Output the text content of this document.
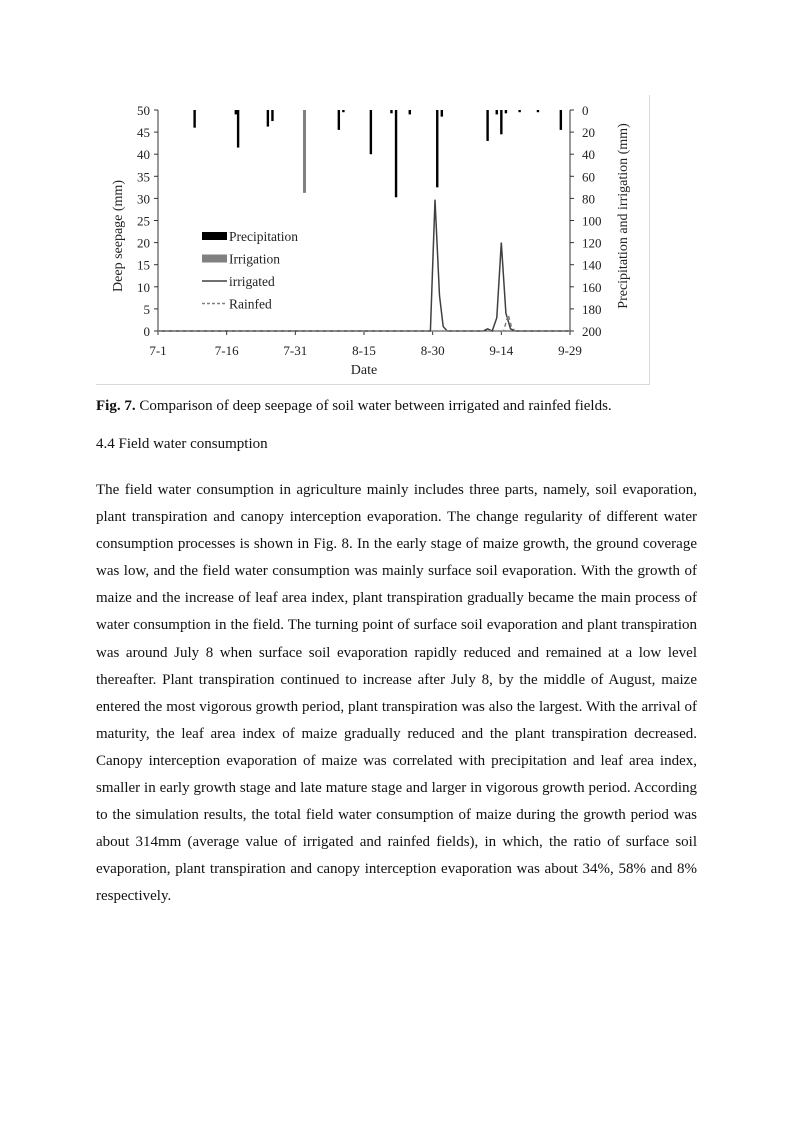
0
5
10
15
20
25
30
35
40
45
50	0
20
40
60
80
100
120
140
160
180
200
7-1	7-16	7-31	8-15	8-30	9-14	9-29
Precipitation
Irrigation
irrigated
Rainfed
Deep seepage (mm)	Precipitation and irrigation (mm)
Date

Fig. 7. Comparison of deep seepage of soil water between irrigated and rainfed fields.

4.4 Field water consumption

The field water consumption in agriculture mainly includes three parts, namely, soil evaporation, plant transpiration and canopy interception evaporation. The change regularity of different water consumption processes is shown in Fig. 8. In the early stage of maize growth, the ground coverage was low, and the field water consumption was mainly surface soil evaporation. With the growth of maize and the increase of leaf area index, plant transpiration gradually became the main process of water consumption in the field. The turning point of surface soil evaporation and plant transpiration was around July 8 when surface soil evaporation rapidly reduced and remained at a low level thereafter. Plant transpiration continued to increase after July 8, by the middle of August, maize entered the most vigorous growth period, plant transpiration was also the largest. With the arrival of maturity, the leaf area index of maize gradually reduced and the plant transpiration decreased. Canopy interception evaporation of maize was correlated with precipitation and leaf area index, smaller in early growth stage and late mature stage and larger in vigorous growth period. According to the simulation results, the total field water consumption of maize during the growth period was about 314mm (average value of irrigated and rainfed fields), in which, the ratio of surface soil evaporation, plant transpiration and canopy interception evaporation was about 34%, 58% and 8% respectively.
